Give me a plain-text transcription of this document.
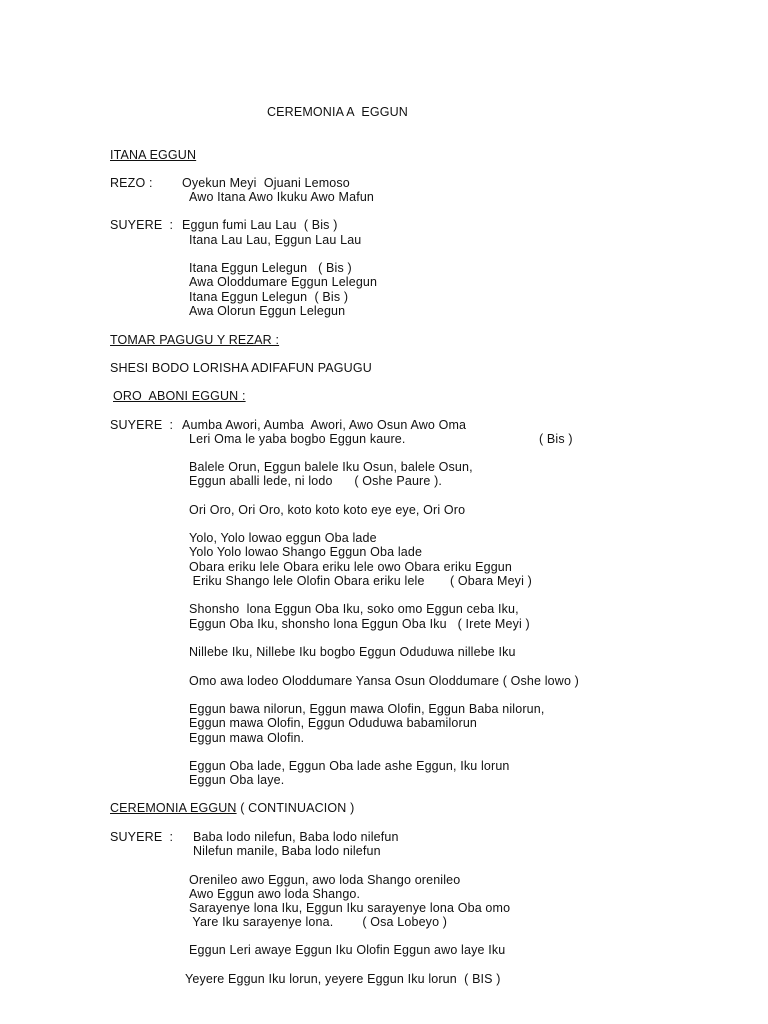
CEREMONIA A  EGGUN
ITANA EGGUN
REZO : Oyekun Meyi  Ojuani Lemoso
Awo Itana Awo Ikuku Awo Mafun
SUYERE  : Eggun fumi Lau Lau  ( Bis )
Itana Lau Lau, Eggun Lau Lau
Itana Eggun Lelegun   ( Bis )
Awa Oloddumare Eggun Lelegun
Itana Eggun Lelegun  ( Bis )
Awa Olorun Eggun Lelegun
TOMAR PAGUGU Y REZAR :
SHESI BODO LORISHA ADIFAFUN PAGUGU
ORO  ABONI EGGUN :
SUYERE  : Aumba Awori, Aumba  Awori, Awo Osun Awo Oma
Leri Oma le yaba bogbo Eggun kaure.	( Bis )
Balele Orun, Eggun balele Iku Osun, balele Osun,
Eggun aballi lede, ni lodo      ( Oshe Paure ).
Ori Oro, Ori Oro, koto koto koto eye eye, Ori Oro
Yolo, Yolo lowao eggun Oba lade
Yolo Yolo lowao Shango Eggun Oba lade
Obara eriku lele Obara eriku lele owo Obara eriku Eggun
Eriku Shango lele Olofin Obara eriku lele       ( Obara Meyi )
Shonsho  lona Eggun Oba Iku, soko omo Eggun ceba Iku,
Eggun Oba Iku, shonsho lona Eggun Oba Iku   ( Irete Meyi )
Nillebe Iku, Nillebe Iku bogbo Eggun Oduduwa nillebe Iku
Omo awa lodeo Oloddumare Yansa Osun Oloddumare ( Oshe lowo )
Eggun bawa nilorun, Eggun mawa Olofin, Eggun Baba nilorun,
Eggun mawa Olofin, Eggun Oduduwa babamilorun
Eggun mawa Olofin.
Eggun Oba lade, Eggun Oba lade ashe Eggun, Iku lorun
Eggun Oba laye.
CEREMONIA EGGUN ( CONTINUACION )
SUYERE  : Baba lodo nilefun, Baba lodo nilefun
Nilefun manile, Baba lodo nilefun
Orenileo awo Eggun, awo loda Shango orenileo
Awo Eggun awo loda Shango.
Sarayenye lona Iku, Eggun Iku sarayenye lona Oba omo
Yare Iku sarayenye lona.        ( Osa Lobeyo )
Eggun Leri awaye Eggun Iku Olofin Eggun awo laye Iku
Yeyere Eggun Iku lorun, yeyere Eggun Iku lorun  ( BIS )
